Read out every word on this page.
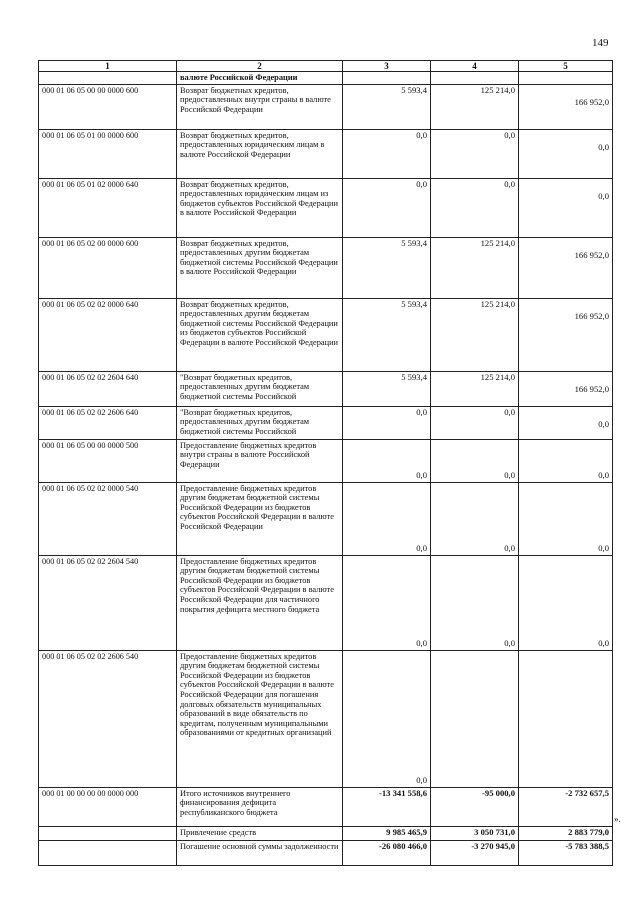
149
1	2	3	4	5
	валюте Российской Федерации			
000 01 06 05 00 00 0000 600	Возврат бюджетных кредитов, предоставленных внутри страны в валюте Российской Федерации	5 593,4	125 214,0	166 952,0
000 01 06 05 01 00 0000 600	Возврат бюджетных кредитов, предоставленных юридическим лицам в валюте Российской Федерации	0,0	0,0	0,0
000 01 06 05 01 02 0000 640	Возврат бюджетных кредитов, предоставленных юридическим лицам из бюджетов субъектов Российской Федерации в валюте Российской Федерации	0,0	0,0	0,0
000 01 06 05 02 00 0000 600	Возврат бюджетных кредитов, предоставленных другим бюджетам бюджетной системы Российской Федерации в валюте Российской Федерации	5 593,4	125 214,0	166 952,0
000 01 06 05 02 02 0000 640	Возврат бюджетных кредитов, предоставленных другим бюджетам бюджетной системы Российской Федерации из бюджетов субъектов Российской Федерации в валюте Российской Федерации	5 593,4	125 214,0	166 952,0
000 01 06 05 02 02 2604 640	"Возврат бюджетных кредитов, предоставленных другим бюджетам бюджетной системы Российской	5 593,4	125 214,0	166 952,0
000 01 06 05 02 02 2606 640	"Возврат бюджетных кредитов, предоставленных другим бюджетам бюджетной системы Российской	0,0	0,0	0,0
000 01 06 05 00 00 0000 500	Предоставление бюджетных кредитов внутри страны в валюте Российской Федерации	0,0	0,0	0,0
000 01 06 05 02 02 0000 540	Предоставление бюджетных кредитов другим бюджетам бюджетной системы Российской Федерации из бюджетов субъектов Российской Федерации в валюте Российской Федерации	0,0	0,0	0,0
000 01 06 05 02 02 2604 540	Предоставление бюджетных кредитов другим бюджетам бюджетной системы Российской Федерации из бюджетов субъектов Российской Федерации в валюте Российской Федерации для частичного покрытия дефицита местного бюджета	0,0	0,0	0,0
000 01 06 05 02 02 2606 540	Предоставление бюджетных кредитов другим бюджетам бюджетной системы Российской Федерации из бюджетов субъектов Российской Федерации в валюте Российской Федерации для погашения долговых обязательств муниципальных образований в виде обязательств по кредитам, полученным муниципальными образованиями от кредитных организаций	0,0		
000 01 00 00 00 00 0000 000	Итого источников внутреннего финансирования дефицита республиканского бюджета	-13 341 558,6	-95 000,0	-2 732 657,5
	Привлечение средств	9 985 465,9	3 050 731,0	2 883 779,0
	Погашение основной суммы задолженности	-26 080 466,0	-3 270 945,0	-5 783 388,5
».
